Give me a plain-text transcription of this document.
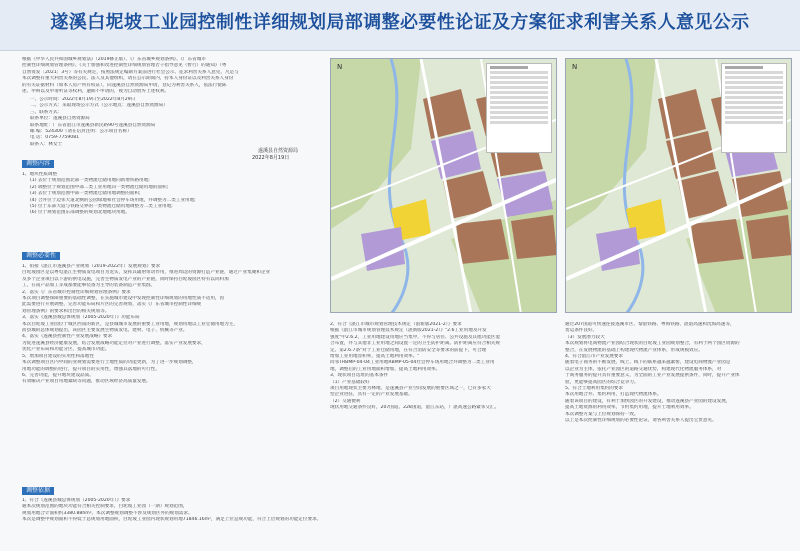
遂溪白坭坡工业园控制性详细规划局部调整必要性论证及方案征求利害关系人意见公示
根据《中华人民共和国城乡规划法》（2019修正版）、《广东省城乡规划条例》、《广东省城市
控制性详细规划管理条例》、《关于加强和改进控制性详细规划管理若干指导意见（暂行）的通知》（粤
自然资发〔2021〕3号）等有关规定，按照法规定编制方案前进行社会公示、征求利害关系人意见，凡是与
本次调整有重大利害关系的公民、法人及其他组织，请在公示期间内，持本人身份证以及利害关系人身份
的有关证据材料（如本人房产所有权证），向遂溪县自然资源局申请，登记为利害关系人，依法行使陈
述、申辩以及申请听证等权利，逾期不申请的，视为自动放弃上述权利。
一、公示时间：2022年8月19日至2022年8月29日
二、公示方式：采取现场公示方式（公示地点：遂溪县自然资源局）
三、联系方式：
联系单位：遂溪县自然资源局
联系地址：广东省湛江市遂溪县新民路90号遂溪县自然资源局
邮 编：524300（请在信封注明：公示项目名称）
电 话：0759-7759081
联系人：林女士
遂溪县自然资源局
2022年8月19日
调整内容
1、地块性质调整
(1) 去位于规划范围北部一类物流仓储用地向新增铁路用地;
(2) 调整位于规划范围中部二类工业用地向一类物流仓储用地的面积;
(3) 去位于规划范围中部一类物流仓储用地调整的面积;
(4) 合并位于边邻大道北侧的公园绿地和社会停车场用地，并调整为二类工业用地;
(5) 位于东部大道与铁路交界的一类物流仓储用地调整为二类工业用地;
(6) 位于规划范围东部调整的规划北地地块用地。
调整必要性
1、衔接《湛江市遂溪县产业规划（2019-2022年）发展规划》要求
白坭坡园区是以粤电湛江生物质发电项目为龙头，发挥其辐射带动作用，推进周边的资源打造产业链，通过产业集聚和企业
及多个企业项目以下游的供电设施，完善生物质发电产业的产业链，同时保持白坭坡园区特有以同料加
工，在南产品加工等成都要能够装备为主导的装备制造产业集群。
2、落实《广东省城市控制性详细规划管理条例》要求
本次项目调整保障重要的基础性调整，在实施城市建设中发现控制性详细规划的用地性质不适用，因
此需要进行开展调整，完善功能布局和片区的完善规划，落实《广东省城市控制性详细规
划管理条例》的要求和出台的相关规划等。
3、落实《遂溪县城总体规划（2005-2020年）》功能布局
本次白坭坡工业园位于城区西南的新区，是县城城市发展的重要工业用地，规划用地以工业仓储用地为主，
而县城的总体规划提出，该园区主要发展生物质发电、建材、电子、机械等产业。
4、落实《遂溪县控制性产业发展战略》要求
为促进遂溪县经济健康发展，结合发展战略功能定位对产业进行调整，落实产业发展要求，
优化产业布局和功能分区，提高城市功能。
5、增加项目建设的实用性和落地性
本次调整项目区内中间的业规划需要进行土地性质的功能更新，为了进一步规划调整，
用地功能的调整的进行，提升项目的实用性，增强其落地的可行性。
6、完善功能，提升地块建设品质。
有效解决产业项目用地紧缺等问题，推动区域经济高质量发展。
调整依据
1、符合《遂溪县城总体规划（2005-2020年）》要求
通本次规划范围的地块功能符合相关控制要求，白坭坡工业园（一期）规划范围，
规划用地合计面积约3380.88hm²。本次调整规划调整不涉及规划区外的规划需求。
本次是调整中规划面积不得低于总规划用地面积，白坭坡工业园内现状规划用地71846.16m²，满足上位总规功能，符合上层规划的功能定位要求。
N	N
2、符合《湛江市城市规划管理技术规定（湛新版2021-2）》要求
根据《湛江市城市规划管理技术规定（湛新版2021-2）》"2.6工业用地及开发
强度"中2.6.2，工业用地建设用地应当集中，不得与居住、公共设施及其他功能区混
合布置，并与其他非工业用地之间设置一定的卫生防护距离。防护距离应符合相关规
定。第2.6.7条"对于工业仓储用地，在符合消防安全等要求的前提下，可合理
增加工业用地容积率，提高土地利用效率。"
同邻TRBMP-04-04工业用地RBMP-05-04社会停车场用地合并调整为二类工业用
地，调整后的工业用地面积增加，提高土地利用效率。
3、现状项目选址的基本条件
（1）产业基础较好
项目用地现状主要为林地，是遂溪县产业空间发展的重要区域之一，已有多家大
型企业进驻，具有一定的产业发展基础。
（2）交通便利
现状用地交通条件良好，207国道、228国道，湛江东站，广湛高速公路紧邻交汇。
通过207国道可快速连接遂溪市区、黎湛铁路、粤海铁路、湛湛高速和沈海高速等，
货运条件良好。
（3）发展潜力较大
本次规划将电商物流产业园结合现状的白坭坡工业园规划整合，有利于两个园区资源的
整合，在发展物流的基础上构建现代物流产业体系，形成规模效应。
4、符合湛江市产业发展要求
随着电子商务的不断发展，线上、线下的联系越来越紧密，建设电商物流产业园是
以企业为主体，依托产业园区的道路交通优势，构建现代化物流服务体系，对
于商务服务的提升具有重要意义，为全面的工业产业发展提供条件，同时，提升产业体
验，更能够提高园区的综合竞争力。
5、符合土地利用集约的要求
本次用地合并、集约利用，打造现代物流体系。
随着该项目的建设，有利于加快园区的开发建设，推动遂溪县产业园的建设发展，
提高土地资源的利用效率，节约集约用地，提升土地利用效率。
本次调整方案与上位规划保持一致。
以上是本次控制性详细规划的必要性论证，请各利害关系人提出宝贵意见。
